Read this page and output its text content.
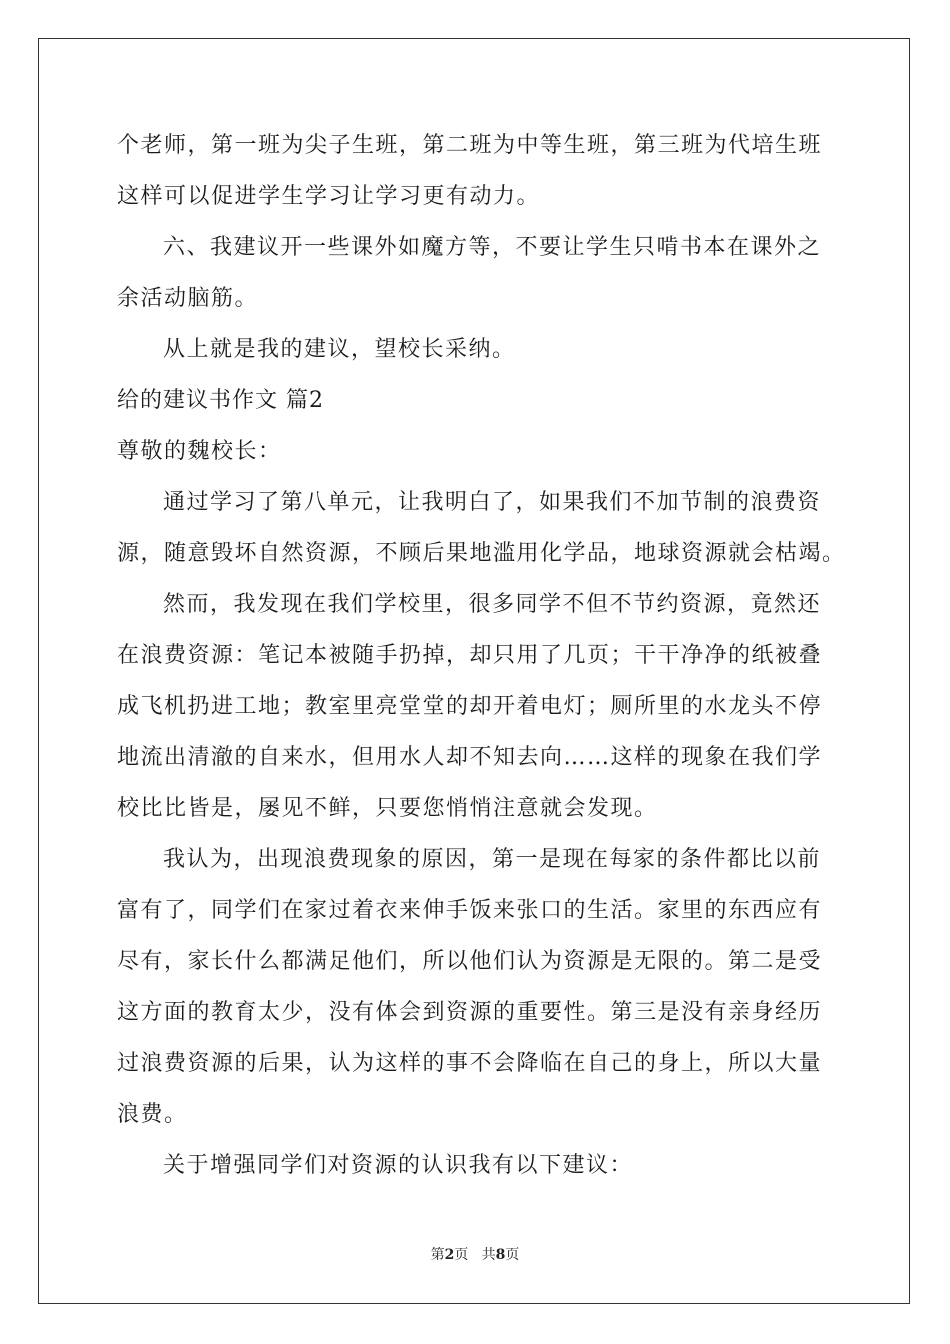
个老师，第一班为尖子生班，第二班为中等生班，第三班为代培生班
这样可以促进学生学习让学习更有动力。
六、我建议开一些课外如魔方等，不要让学生只啃书本在课外之
余活动脑筋。
从上就是我的建议，望校长采纳。
给的建议书作文 篇2
尊敬的魏校长：
通过学习了第八单元，让我明白了，如果我们不加节制的浪费资
源，随意毁坏自然资源，不顾后果地滥用化学品，地球资源就会枯竭。
然而，我发现在我们学校里，很多同学不但不节约资源，竟然还
在浪费资源：笔记本被随手扔掉，却只用了几页；干干净净的纸被叠
成飞机扔进工地；教室里亮堂堂的却开着电灯；厕所里的水龙头不停
地流出清澈的自来水，但用水人却不知去向……这样的现象在我们学
校比比皆是，屡见不鲜，只要您悄悄注意就会发现。
我认为，出现浪费现象的原因，第一是现在每家的条件都比以前
富有了，同学们在家过着衣来伸手饭来张口的生活。家里的东西应有
尽有，家长什么都满足他们，所以他们认为资源是无限的。第二是受
这方面的教育太少，没有体会到资源的重要性。第三是没有亲身经历
过浪费资源的后果，认为这样的事不会降临在自己的身上，所以大量
浪费。
关于增强同学们对资源的认识我有以下建议：
第2页 共8页
